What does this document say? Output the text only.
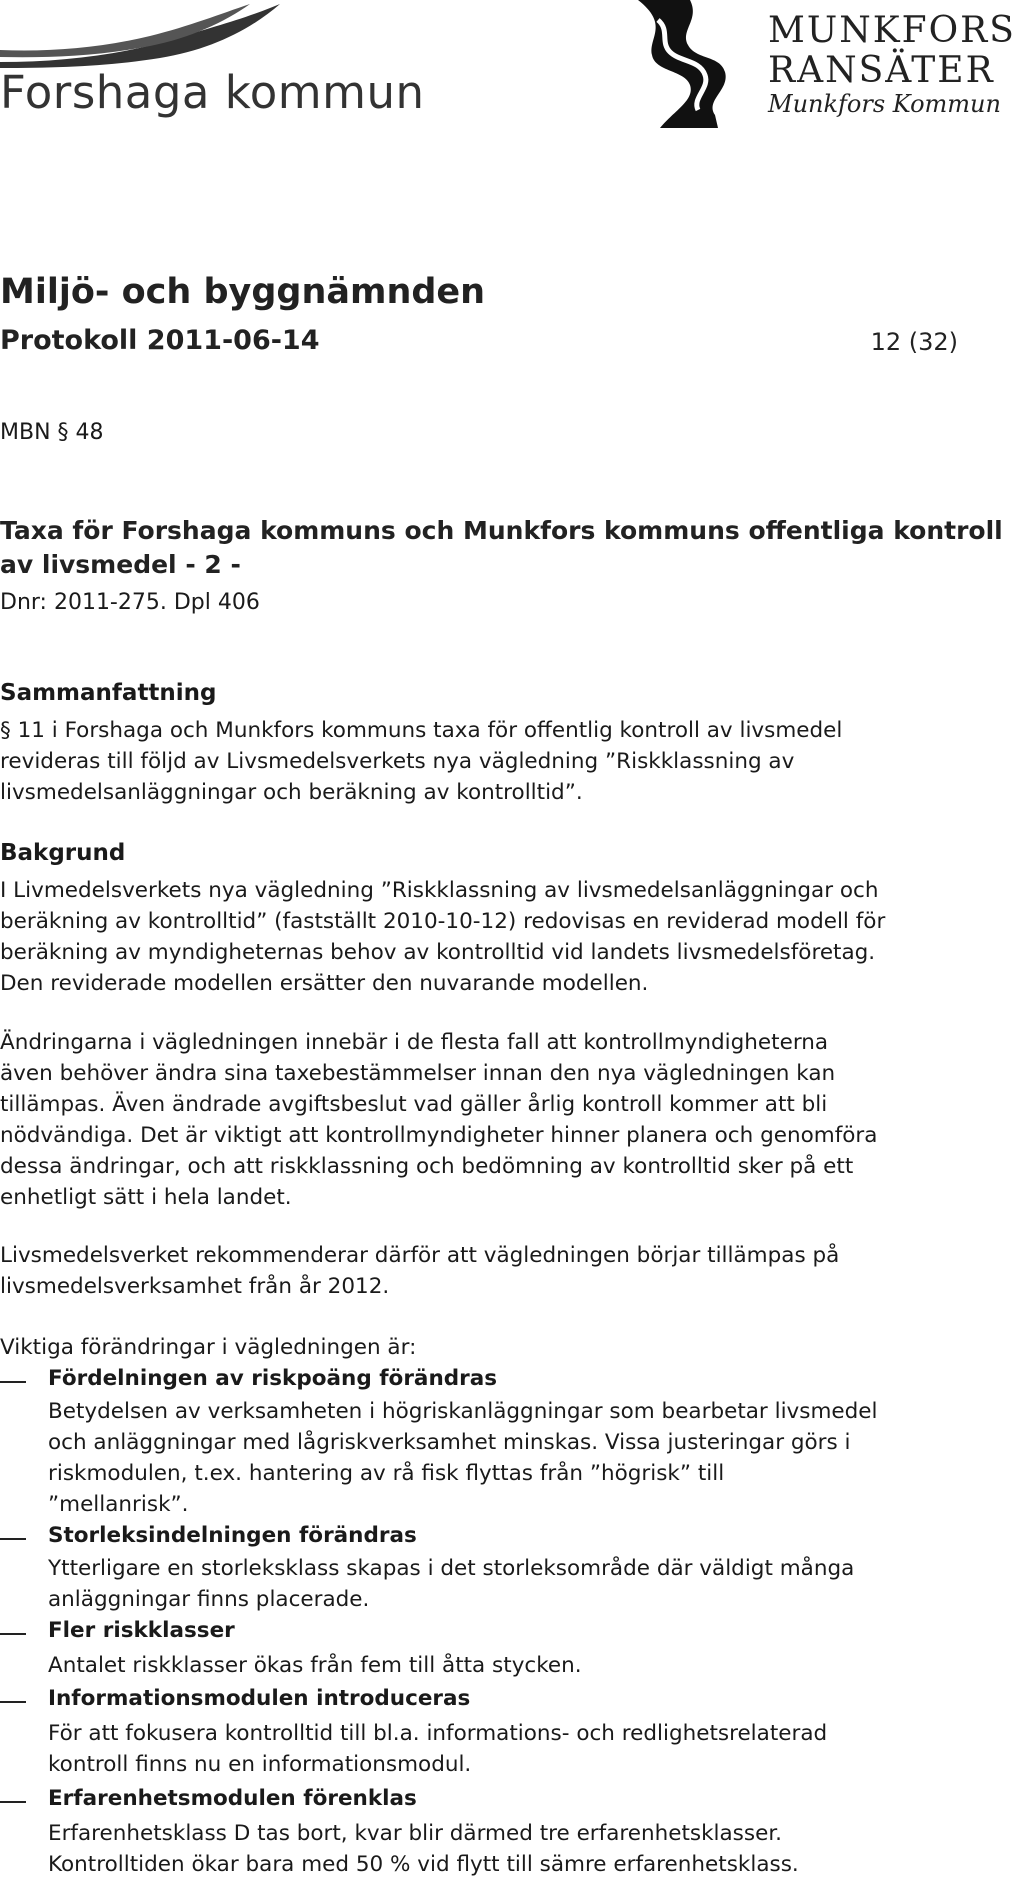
Forshaga kommun
MUNKFORS
RANSÄTER
Munkfors Kommun
Miljö- och byggnämnden
Protokoll 2011-06-14	12 (32)
MBN § 48
Taxa för Forshaga kommuns och Munkfors kommuns offentliga kontroll
av livsmedel - 2 -
Dnr: 2011-275. Dpl 406
Sammanfattning
§ 11 i Forshaga och Munkfors kommuns taxa för offentlig kontroll av livsmedel
revideras till följd av Livsmedelsverkets nya vägledning ”Riskklassning av
livsmedelsanläggningar och beräkning av kontrolltid”.
Bakgrund
I Livmedelsverkets nya vägledning ”Riskklassning av livsmedelsanläggningar och
beräkning av kontrolltid” (fastställt 2010-10-12) redovisas en reviderad modell för
beräkning av myndigheternas behov av kontrolltid vid landets livsmedelsföretag.
Den reviderade modellen ersätter den nuvarande modellen.
Ändringarna i vägledningen innebär i de flesta fall att kontrollmyndigheterna
även behöver ändra sina taxebestämmelser innan den nya vägledningen kan
tillämpas. Även ändrade avgiftsbeslut vad gäller årlig kontroll kommer att bli
nödvändiga. Det är viktigt att kontrollmyndigheter hinner planera och genomföra
dessa ändringar, och att riskklassning och bedömning av kontrolltid sker på ett
enhetligt sätt i hela landet.
Livsmedelsverket rekommenderar därför att vägledningen börjar tillämpas på
livsmedelsverksamhet från år 2012.
Viktiga förändringar i vägledningen är:
Fördelningen av riskpoäng förändras
Betydelsen av verksamheten i högriskanläggningar som bearbetar livsmedel
och anläggningar med lågriskverksamhet minskas. Vissa justeringar görs i
riskmodulen, t.ex. hantering av rå fisk flyttas från ”högrisk” till
”mellanrisk”.
Storleksindelningen förändras
Ytterligare en storleksklass skapas i det storleksområde där väldigt många
anläggningar finns placerade.
Fler riskklasser
Antalet riskklasser ökas från fem till åtta stycken.
Informationsmodulen introduceras
För att fokusera kontrolltid till bl.a. informations- och redlighetsrelaterad
kontroll finns nu en informationsmodul.
Erfarenhetsmodulen förenklas
Erfarenhetsklass D tas bort, kvar blir därmed tre erfarenhetsklasser.
Kontrolltiden ökar bara med 50 % vid flytt till sämre erfarenhetsklass.
